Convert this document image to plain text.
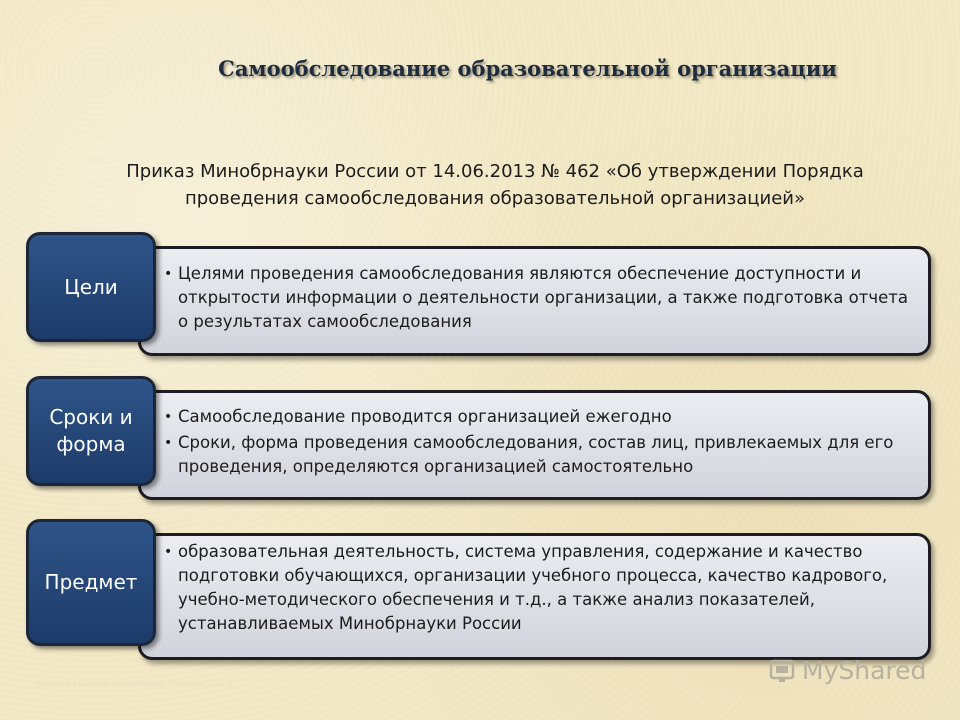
Самообследование образовательной организации
Приказ Минобрнауки России от 14.06.2013 № 462 «Об утверждении Порядка проведения самообследования образовательной организацией»
Цели
• Целями проведения самообследования являются обеспечение доступности и открытости информации о деятельности организации, а также подготовка отчета о результатах самообследования
Сроки и форма
• Самообследование проводится организацией ежегодно
• Сроки, форма проведения самообследования, состав лиц, привлекаемых для его проведения, определяются организацией самостоятельно
Предмет
• образовательная деятельность, система управления, содержание и качество подготовки обучающихся, организации учебного процесса, качество кадрового, учебно-методического обеспечения и т.д., а также анализ показателей, устанавливаемых Минобрнауки России
Высшая школа экономики, Москва, 2013	MyShared
